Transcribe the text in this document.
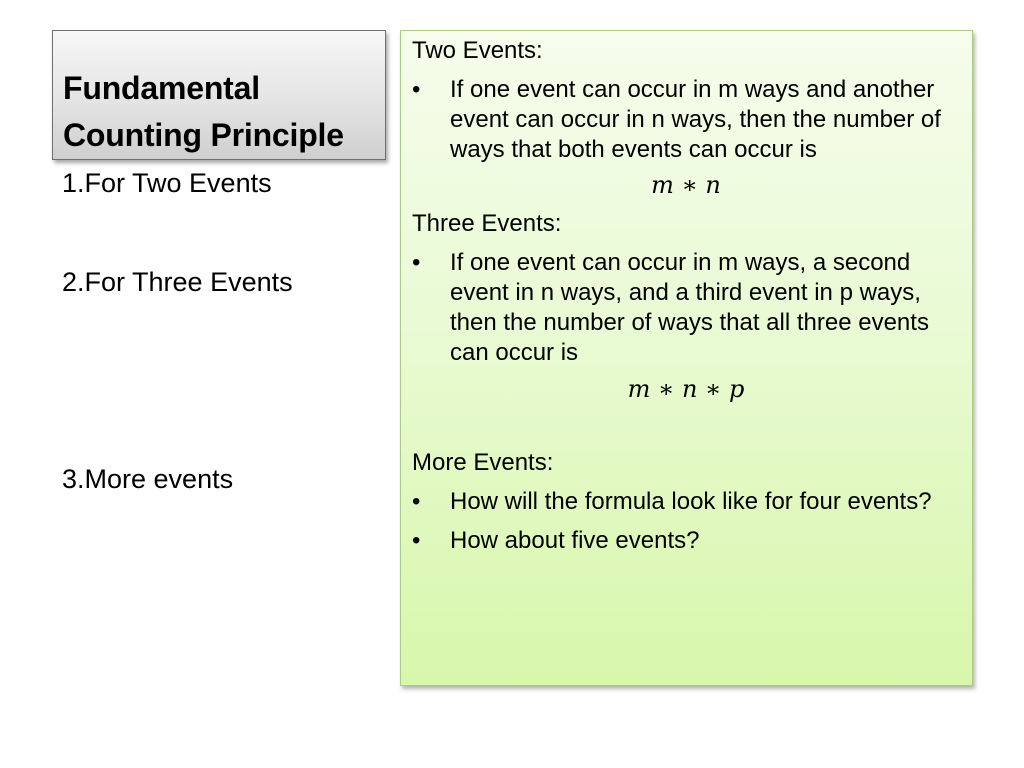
Fundamental Counting Principle
1.For Two Events
2.For Three Events
3.More events

Two Events:

• If one event can occur in m ways and another event can occur in n ways, then the number of ways that both events can occur is

m ∗ n

Three Events:

• If one event can occur in m ways, a second event in n ways, and a third event in p ways, then the number of ways that all three events can occur is

m ∗ n ∗ p

More Events:

• How will the formula look like for four events?

• How about five events?
